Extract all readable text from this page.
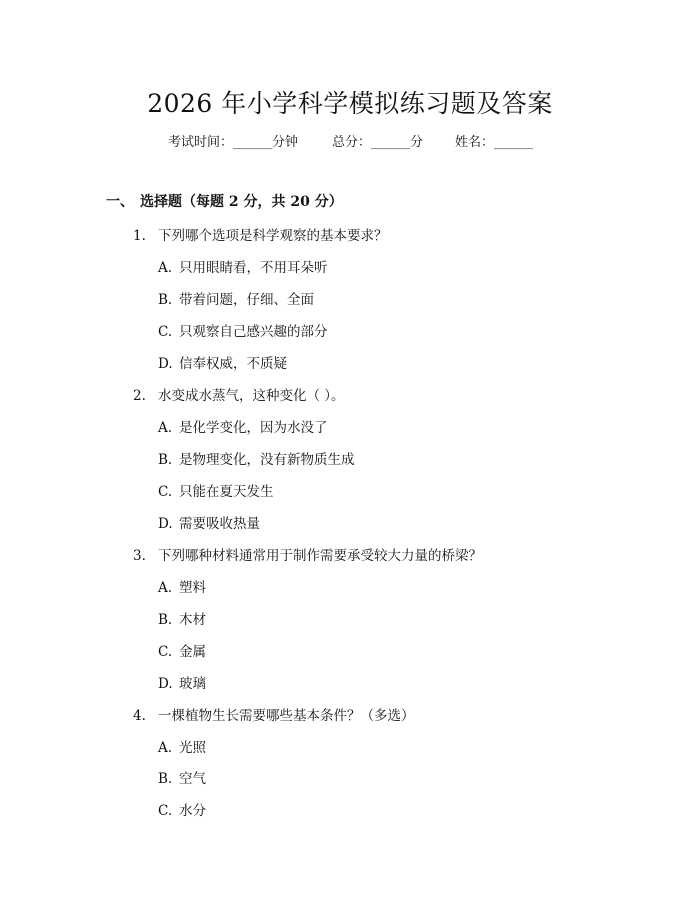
2026 年小学科学模拟练习题及答案
考试时间：______分钟	总分：______分 姓名：______
一、 选择题（每题 2 分，共 20 分）
1. 下列哪个选项是科学观察的基本要求？
A. 只用眼睛看，不用耳朵听
B. 带着问题，仔细、全面
C. 只观察自己感兴趣的部分
D. 信奉权威，不质疑
2. 水变成水蒸气，这种变化（ ）。
A. 是化学变化，因为水没了
B. 是物理变化，没有新物质生成
C. 只能在夏天发生
D. 需要吸收热量
3. 下列哪种材料通常用于制作需要承受较大力量的桥梁？
A. 塑料
B. 木材
C. 金属
D. 玻璃
4. 一棵植物生长需要哪些基本条件？（多选）
A. 光照
B. 空气
C. 水分
